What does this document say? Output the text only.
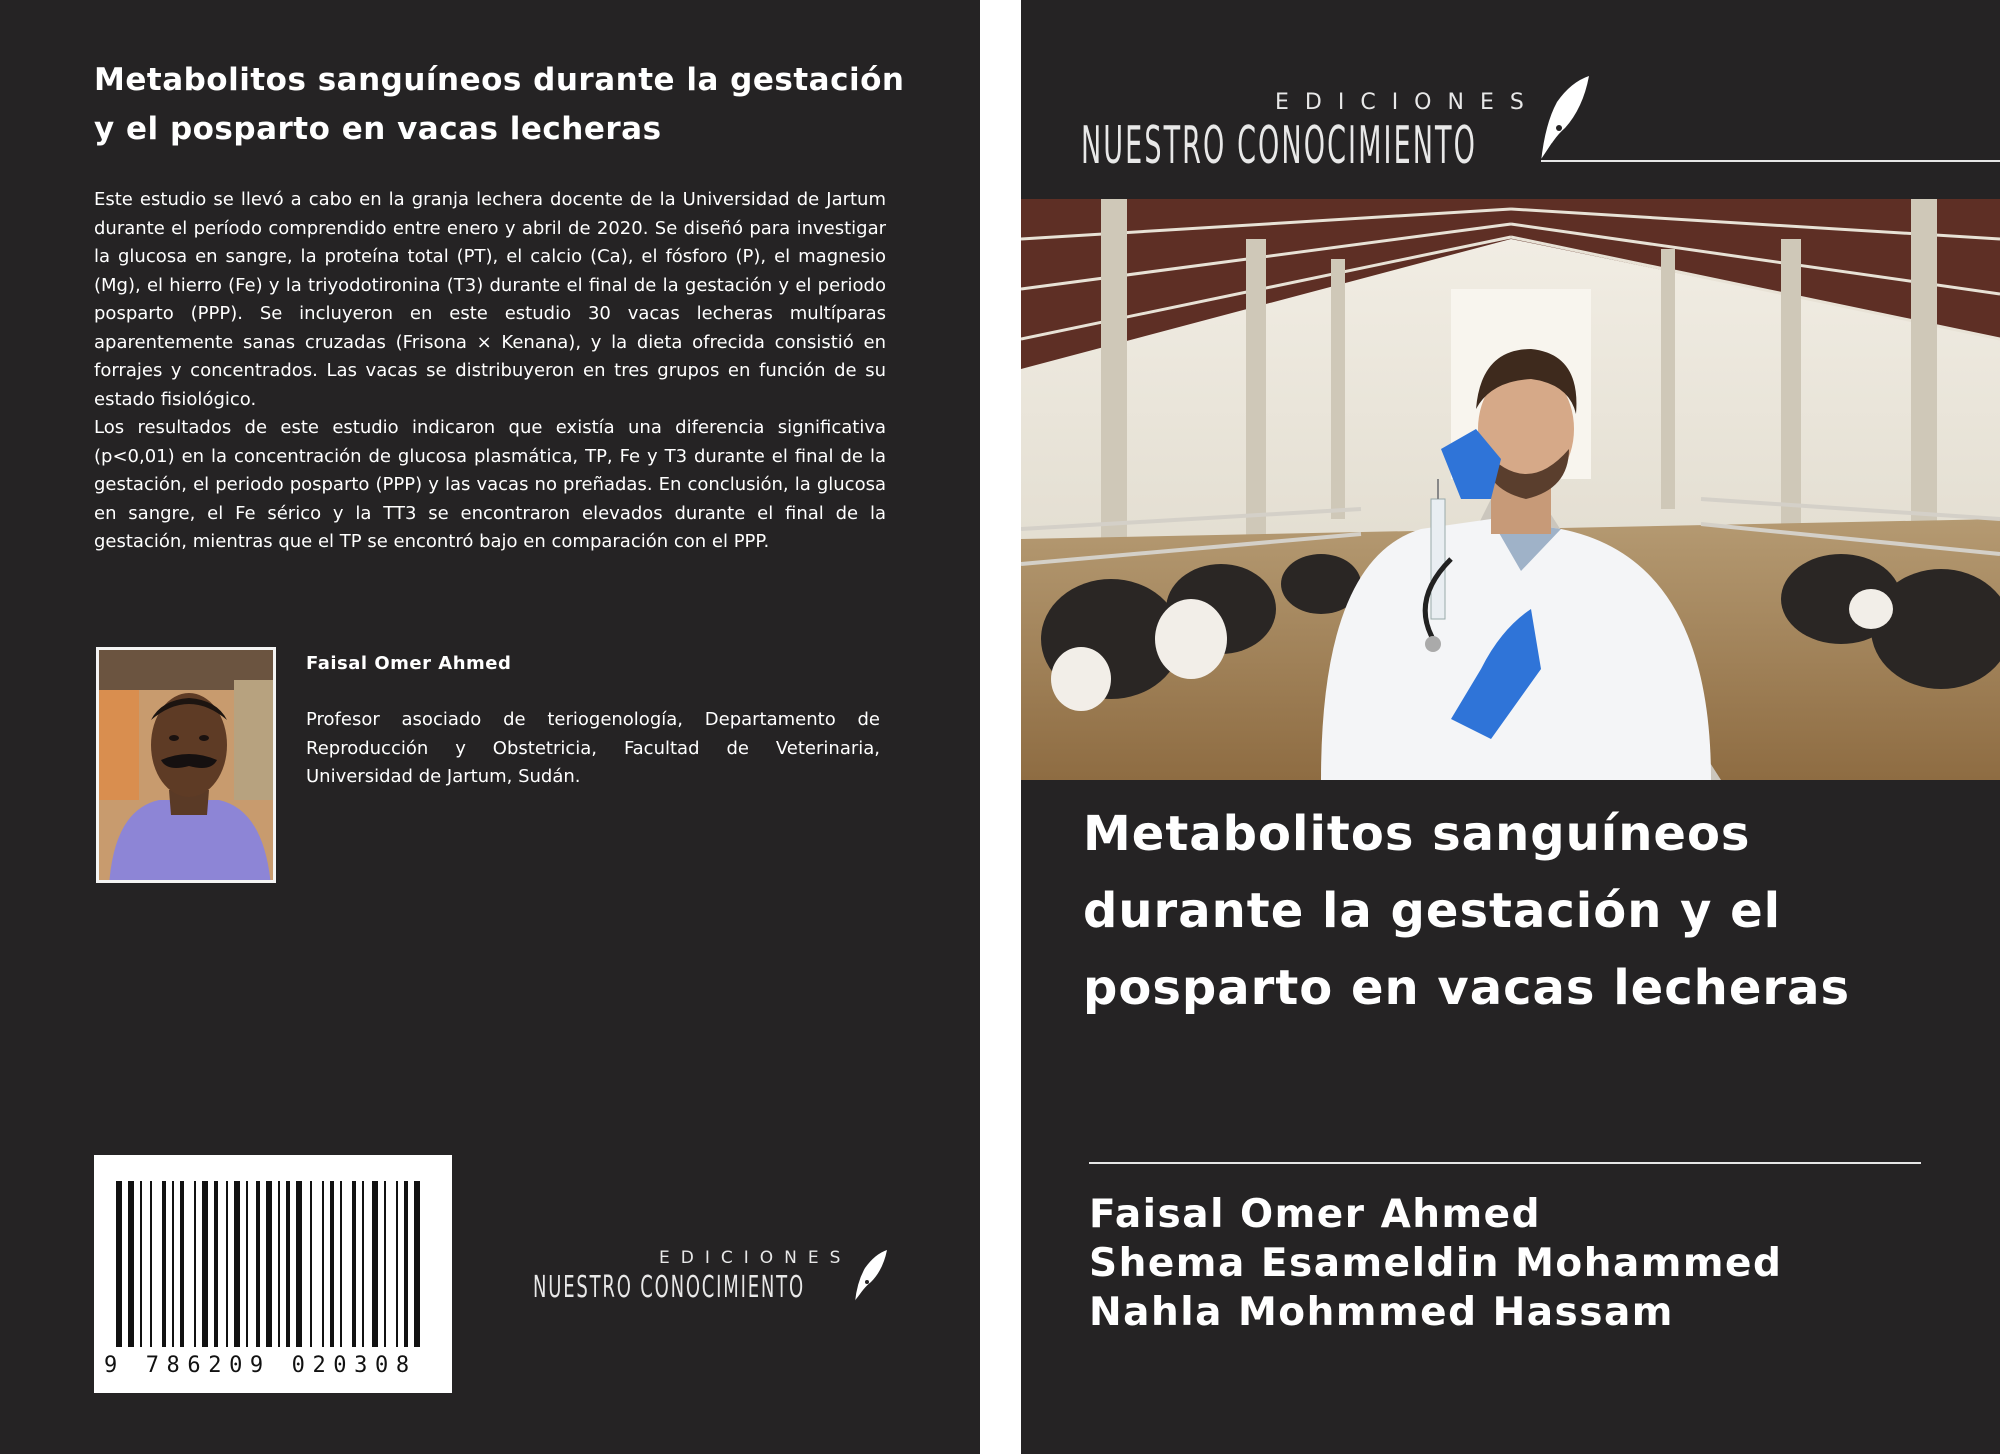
Metabolitos sanguíneos durante la gestación y el posparto en vacas lecheras

Este estudio se llevó a cabo en la granja lechera docente de la Universidad de Jartum durante el período comprendido entre enero y abril de 2020. Se diseñó para investigar la glucosa en sangre, la proteína total (PT), el calcio (Ca), el fósforo (P), el magnesio (Mg), el hierro (Fe) y la triyodotironina (T3) durante el final de la gestación y el periodo posparto (PPP). Se incluyeron en este estudio 30 vacas lecheras multíparas aparentemente sanas cruzadas (Frisona × Kenana), y la dieta ofrecida consistió en forrajes y concentrados. Las vacas se distribuyeron en tres grupos en función de su estado fisiológico.

Los resultados de este estudio indicaron que existía una diferencia significativa (p<0,01) en la concentración de glucosa plasmática, TP, Fe y T3 durante el final de la gestación, el periodo posparto (PPP) y las vacas no preñadas. En conclusión, la glucosa en sangre, el Fe sérico y la TT3 se encontraron elevados durante el final de la gestación, mientras que el TP se encontró bajo en comparación con el PPP.

Faisal Omer Ahmed
Profesor asociado de teriogenología, Departamento de Reproducción y Obstetricia, Facultad de Veterinaria, Universidad de Jartum, Sudán.
9 786209 020308
EDICIONES
NUESTRO CONOCIMIENTO
EDICIONES
NUESTRO CONOCIMIENTO
Metabolitos sanguíneos durante la gestación y el posparto en vacas lecheras
Faisal Omer Ahmed
Shema Esameldin Mohammed
Nahla Mohmmed Hassam
